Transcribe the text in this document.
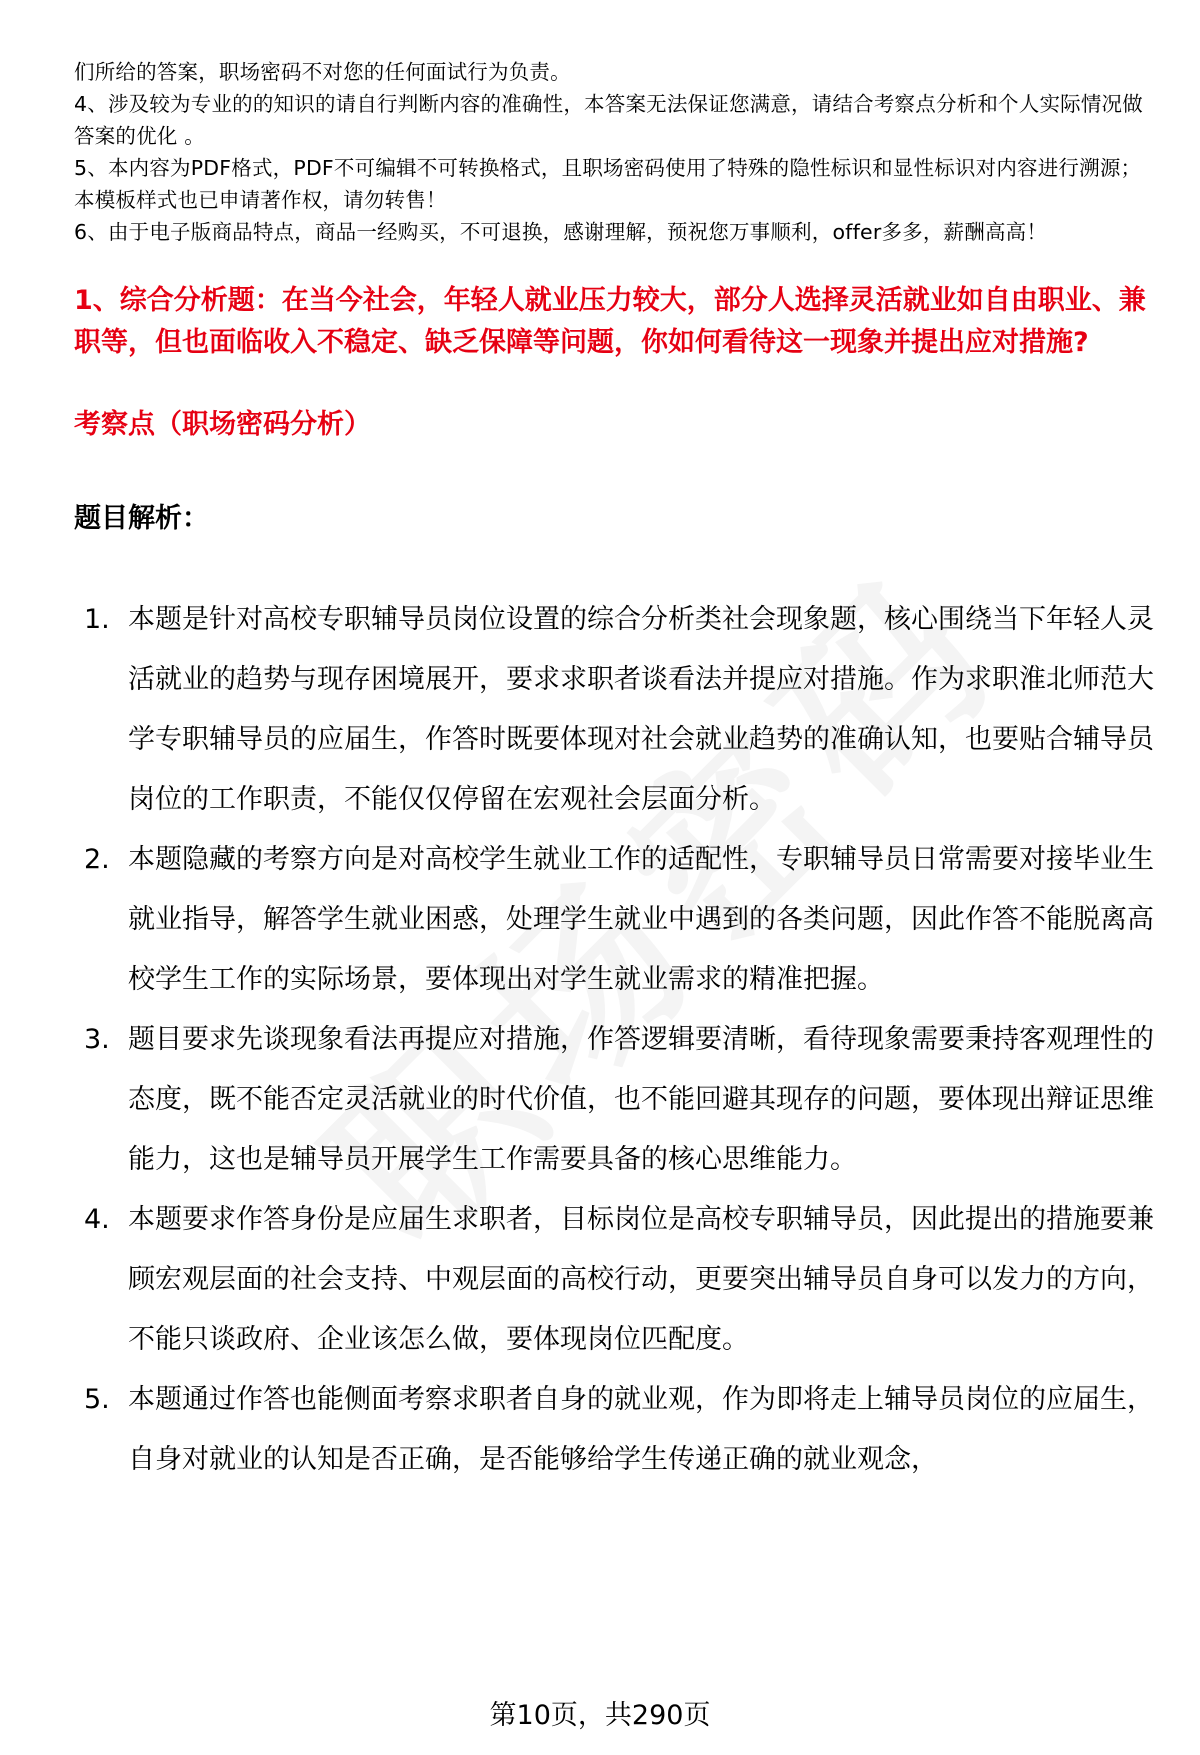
们所给的答案，职场密码不对您的任何面试行为负责。

4、涉及较为专业的的知识的请自行判断内容的准确性，本答案无法保证您满意，请结合考察点分析和个人实际情况做答案的优化 。

5、本内容为PDF格式，PDF不可编辑不可转换格式，且职场密码使用了特殊的隐性标识和显性标识对内容进行溯源；本模板样式也已申请著作权，请勿转售！

6、由于电子版商品特点，商品一经购买，不可退换，感谢理解，预祝您万事顺利，offer多多，薪酬高高！

1、综合分析题：在当今社会，年轻人就业压力较大，部分人选择灵活就业如自由职业、兼职等，但也面临收入不稳定、缺乏保障等问题，你如何看待这一现象并提出应对措施?
考察点（职场密码分析）
题目解析：
1. 本题是针对高校专职辅导员岗位设置的综合分析类社会现象题，核心围绕当下年轻人灵活就业的趋势与现存困境展开，要求求职者谈看法并提应对措施。作为求职淮北师范大学专职辅导员的应届生，作答时既要体现对社会就业趋势的准确认知，也要贴合辅导员岗位的工作职责，不能仅仅停留在宏观社会层面分析。
2. 本题隐藏的考察方向是对高校学生就业工作的适配性，专职辅导员日常需要对接毕业生就业指导，解答学生就业困惑，处理学生就业中遇到的各类问题，因此作答不能脱离高校学生工作的实际场景，要体现出对学生就业需求的精准把握。
3. 题目要求先谈现象看法再提应对措施，作答逻辑要清晰，看待现象需要秉持客观理性的态度，既不能否定灵活就业的时代价值，也不能回避其现存的问题，要体现出辩证思维能力，这也是辅导员开展学生工作需要具备的核心思维能力。
4. 本题要求作答身份是应届生求职者，目标岗位是高校专职辅导员，因此提出的措施要兼顾宏观层面的社会支持、中观层面的高校行动，更要突出辅导员自身可以发力的方向，不能只谈政府、企业该怎么做，要体现岗位匹配度。
5. 本题通过作答也能侧面考察求职者自身的就业观，作为即将走上辅导员岗位的应届生，自身对就业的认知是否正确，是否能够给学生传递正确的就业观念，
第10页，共290页
